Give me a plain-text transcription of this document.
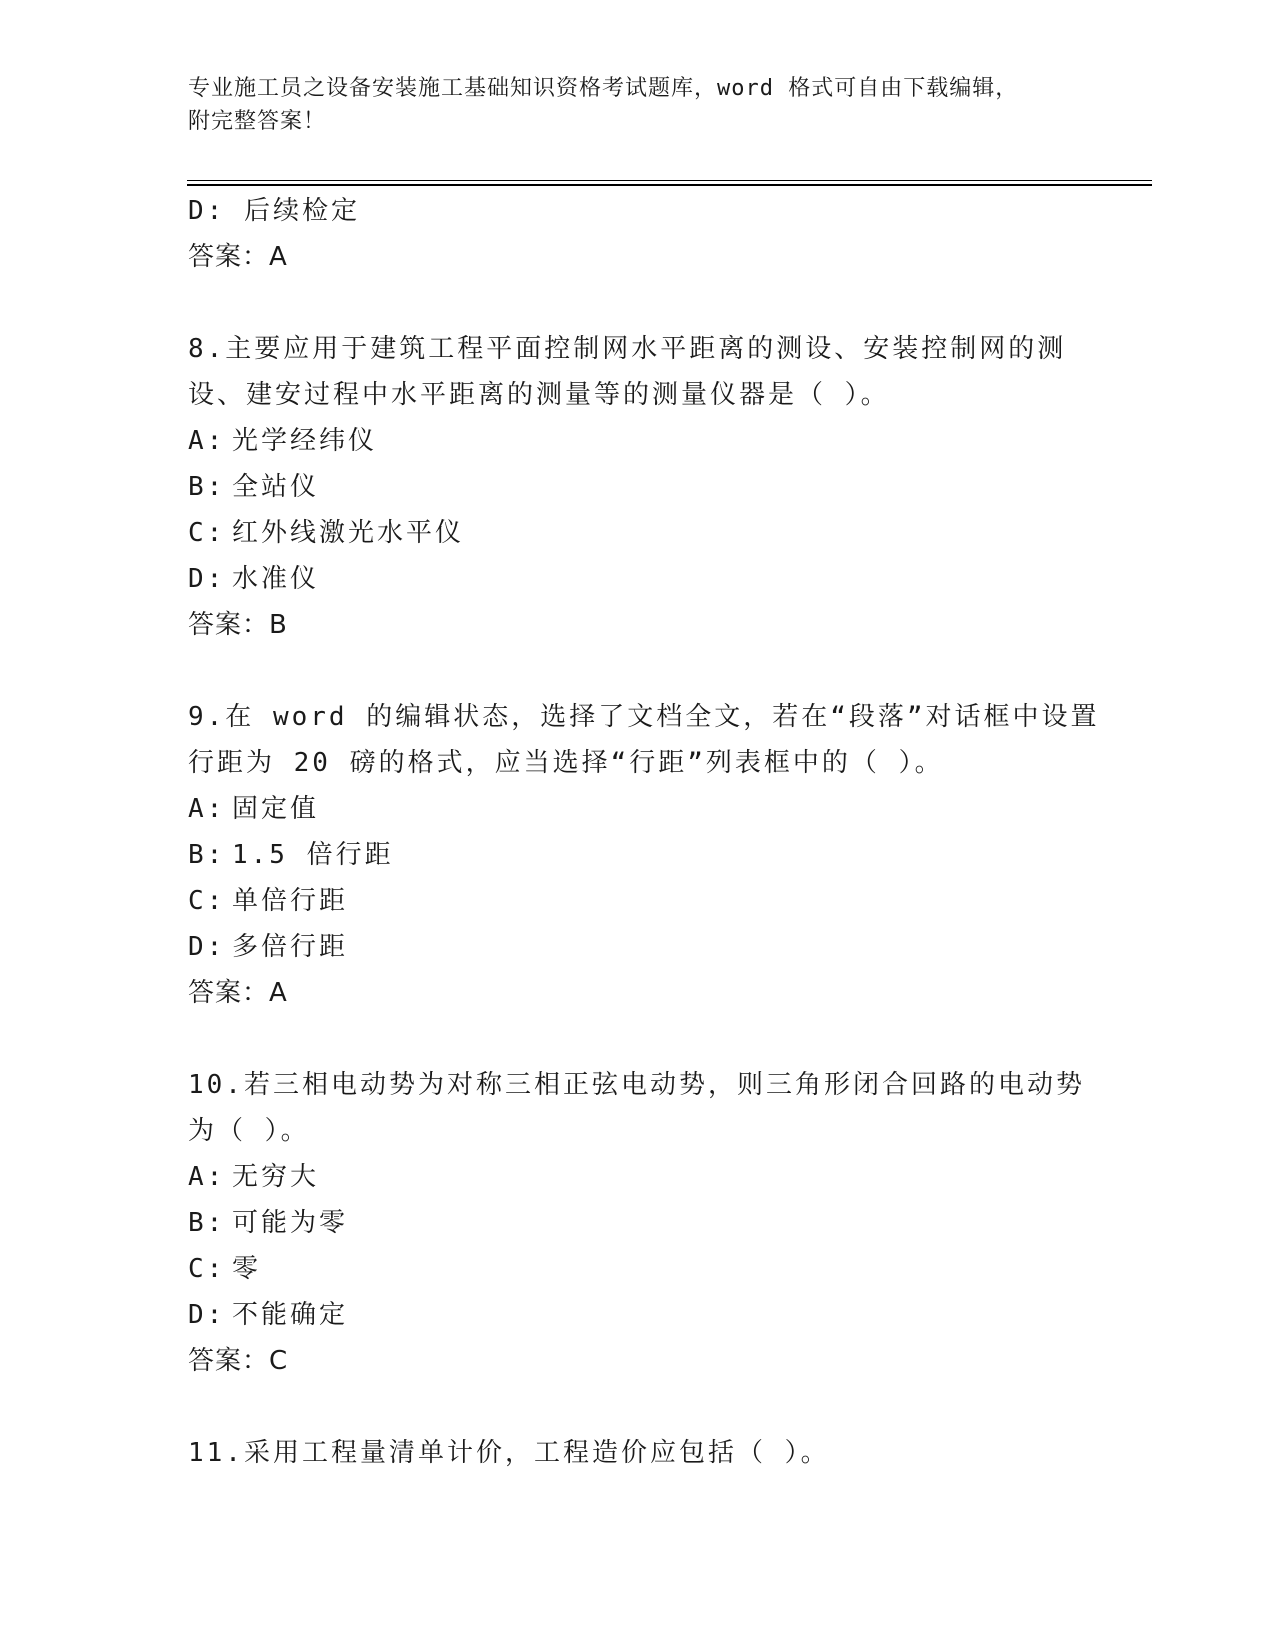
专业施工员之设备安装施工基础知识资格考试题库，word 格式可自由下载编辑，
附完整答案！
D: 后续检定
答案：A
8.主要应用于建筑工程平面控制网水平距离的测设、安装控制网的测
设、建安过程中水平距离的测量等的测量仪器是（ ）。
A: 光学经纬仪
B: 全站仪
C: 红外线激光水平仪
D: 水准仪
答案：B
9.在 word 的编辑状态，选择了文档全文，若在“段落”对话框中设置
行距为 20 磅的格式，应当选择“行距”列表框中的（ ）。
A: 固定值
B: 1.5 倍行距
C: 单倍行距
D: 多倍行距
答案：A
10.若三相电动势为对称三相正弦电动势，则三角形闭合回路的电动势
为（ ）。
A: 无穷大
B: 可能为零
C: 零
D: 不能确定
答案：C
11.采用工程量清单计价，工程造价应包括（ ）。
